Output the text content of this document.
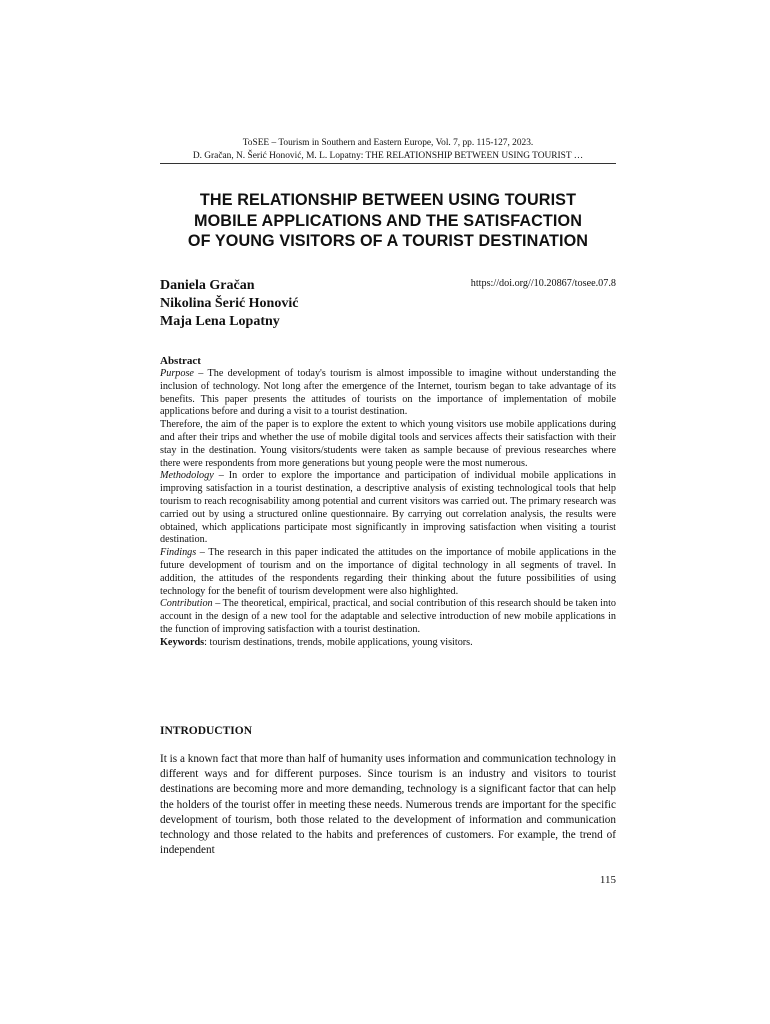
ToSEE – Tourism in Southern and Eastern Europe, Vol. 7, pp. 115-127, 2023.
D. Gračan, N. Šerić Honović, M. L. Lopatny: THE RELATIONSHIP BETWEEN USING TOURIST …
THE RELATIONSHIP BETWEEN USING TOURIST
MOBILE APPLICATIONS AND THE SATISFACTION
OF YOUNG VISITORS OF A TOURIST DESTINATION
Daniela Gračan
Nikolina Šerić Honović
Maja Lena Lopatny
https://doi.org//10.20867/tosee.07.8
Abstract

Purpose – The development of today's tourism is almost impossible to imagine without understanding the inclusion of technology. Not long after the emergence of the Internet, tourism began to take advantage of its benefits. This paper presents the attitudes of tourists on the importance of implementation of mobile applications before and during a visit to a tourist destination.

Therefore, the aim of the paper is to explore the extent to which young visitors use mobile applications during and after their trips and whether the use of mobile digital tools and services affects their satisfaction with their stay in the destination. Young visitors/students were taken as sample because of previous researches where there were respondents from more generations but young people were the most numerous.

Methodology – In order to explore the importance and participation of individual mobile applications in improving satisfaction in a tourist destination, a descriptive analysis of existing technological tools that help tourism to reach recognisability among potential and current visitors was carried out. The primary research was carried out by using a structured online questionnaire. By carrying out correlation analysis, the results were obtained, which applications participate most significantly in improving satisfaction when visiting a tourist destination.

Findings – The research in this paper indicated the attitudes on the importance of mobile applications in the future development of tourism and on the importance of digital technology in all segments of travel. In addition, the attitudes of the respondents regarding their thinking about the future possibilities of using technology for the benefit of tourism development were also highlighted.

Contribution – The theoretical, empirical, practical, and social contribution of this research should be taken into account in the design of a new tool for the adaptable and selective introduction of new mobile applications in the function of improving satisfaction with a tourist destination.

Keywords: tourism destinations, trends, mobile applications, young visitors.

INTRODUCTION

It is a known fact that more than half of humanity uses information and communication technology in different ways and for different purposes. Since tourism is an industry and visitors to tourist destinations are becoming more and more demanding, technology is a significant factor that can help the holders of the tourist offer in meeting these needs. Numerous trends are important for the specific development of tourism, both those related to the development of information and communication technology and those related to the habits and preferences of customers. For example, the trend of independent

115
